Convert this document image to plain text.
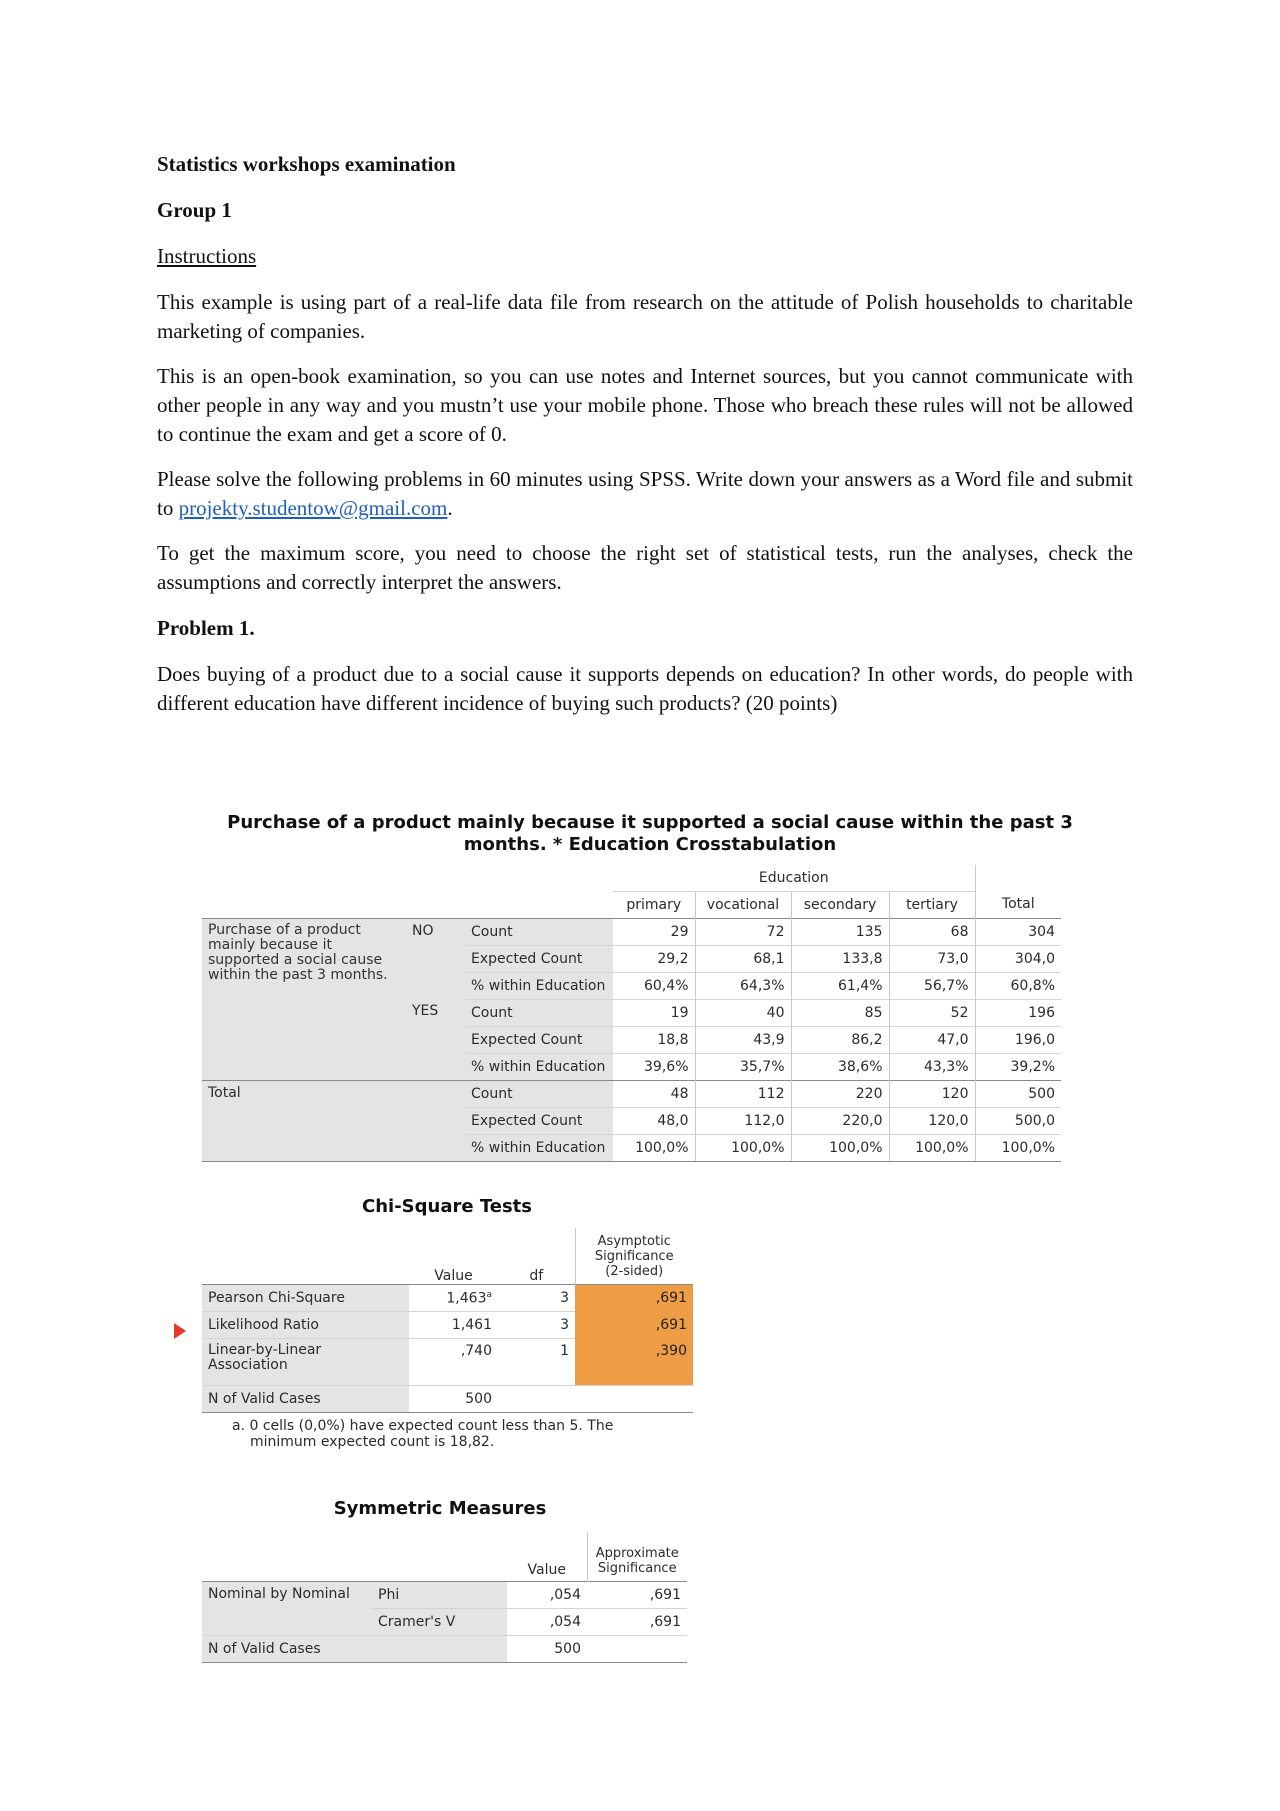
Statistics workshops examination

Group 1

Instructions

This example is using part of a real-life data file from research on the attitude of Polish households to charitable marketing of companies.

This is an open-book examination, so you can use notes and Internet sources, but you cannot communicate with other people in any way and you mustn’t use your mobile phone. Those who breach these rules will not be allowed to continue the exam and get a score of 0.

Please solve the following problems in 60 minutes using SPSS. Write down your answers as a Word file and submit to projekty.studentow@gmail.com.

To get the maximum score, you need to choose the right set of statistical tests, run the analyses, check the assumptions and correctly interpret the answers.

Problem 1.

Does buying of a product due to a social cause it supports depends on education? In other words, do people with different education have different incidence of buying such products? (20 points)

Purchase of a product mainly because it supported a social cause within the past 3
months. * Education Crosstabulation
			Education				
			primary	vocational	secondary	tertiary	Total
Purchase of a product mainly because it supported a social cause within the past 3 months.	NO	Count	29	72	135	68	304
		Expected Count	29,2	68,1	133,8	73,0	304,0
		% within Education	60,4%	64,3%	61,4%	56,7%	60,8%
	YES	Count	19	40	85	52	196
		Expected Count	18,8	43,9	86,2	47,0	196,0
		% within Education	39,6%	35,7%	38,6%	43,3%	39,2%
Total		Count	48	112	220	120	500
		Expected Count	48,0	112,0	220,0	120,0	500,0
		% within Education	100,0%	100,0%	100,0%	100,0%	100,0%
Chi-Square Tests
	Value	df	Asymptotic
Significance
(2-sided)

Pearson Chi-Square	1,463$^a$	3	,691
Likelihood Ratio	1,461	3	,691
Linear-by-Linear Association	,740	1	,390
N of Valid Cases	500		
a. 0 cells (0,0%) have expected count less than 5. The
minimum expected count is 18,82.
Symmetric Measures
		Value	Approximate
Significance

Nominal by Nominal	Phi	,054	,691
	Cramer's V	,054	,691
N of Valid Cases		500	
